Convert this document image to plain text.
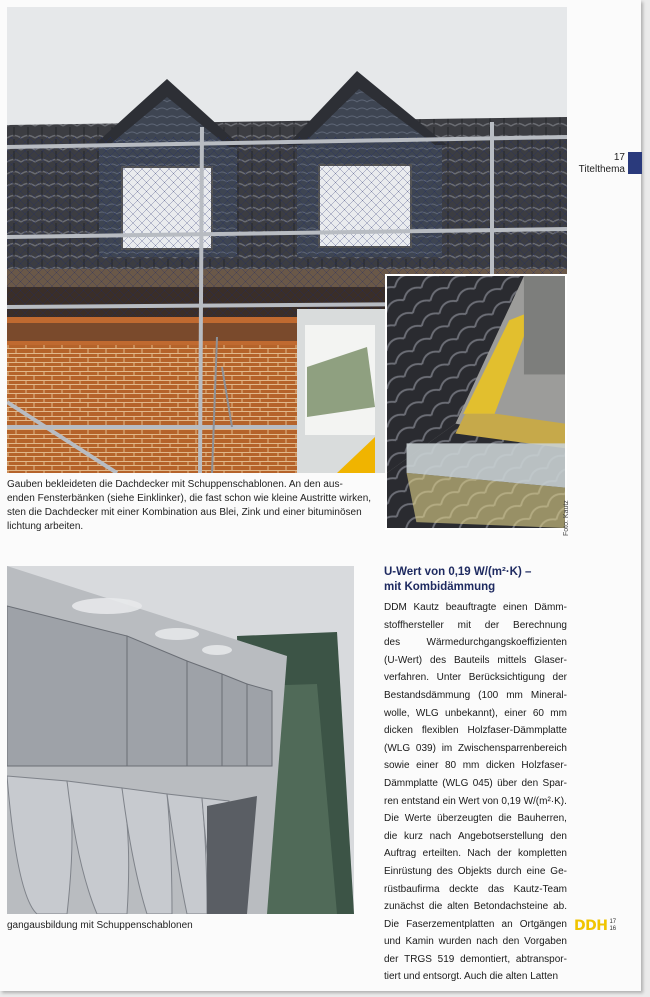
17
Titelthema
Foto: Kautz

Gauben bekleideten die Dachdecker mit Schuppenschablonen. An den aus-

enden Fensterbänken (siehe Einklinker), die fast schon wie kleine Austritte wirken,

sten die Dachdecker mit einer Kombination aus Blei, Zink und einer bituminösen

lichtung arbeiten.

gangausbildung mit Schuppenschablonen
U-Wert von 0,19 W/(m²·K) –
mit Kombidämmung
DDM Kautz beauftragte einen Dämm-
stoffhersteller mit der Berechnung
des	Wärmedurchgangskoeffizienten
(U-Wert) des Bauteils mittels Glaser-
verfahren. Unter Berücksichtigung der
Bestandsdämmung (100 mm Mineral-
wolle, WLG unbekannt), einer 60 mm
dicken flexiblen Holzfaser-Dämmplatte
(WLG 039) im Zwischensparrenbereich
sowie einer 80 mm dicken Holzfaser-
Dämmplatte (WLG 045) über den Spar-
ren entstand ein Wert von 0,19 W/(m²·K).
Die Werte überzeugten die Bauherren,
die kurz nach Angebotserstellung den
Auftrag erteilten. Nach der kompletten
Einrüstung des Objekts durch eine Ge-
rüstbaufirma deckte das Kautz-Team
zunächst die alten Betondachsteine ab.
Die Faserzementplatten an Ortgängen
und Kamin wurden nach den Vorgaben
der TRGS 519 demontiert, abtranspor-
tiert und entsorgt. Auch die alten Latten
DDH 17
16
